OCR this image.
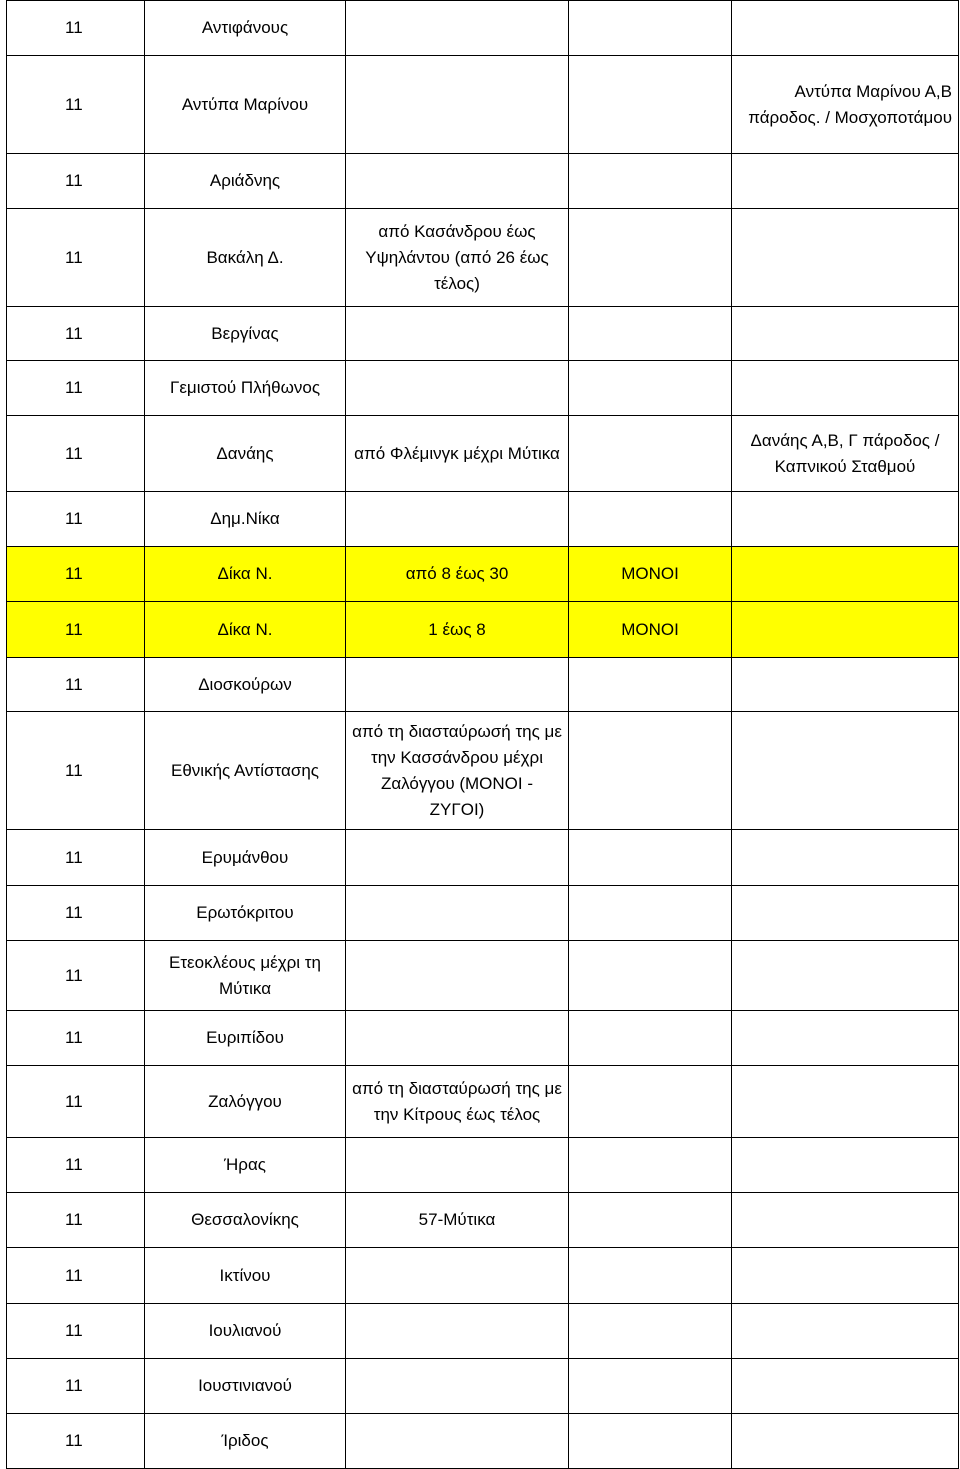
11	Αντιφάνους			
11	Αντύπα Μαρίνου			Αντύπα Μαρίνου Α,Β πάροδος. / Μοσχοποτάμου
11	Αριάδνης			
11	Βακάλη Δ.	από Κασάνδρου έως Υψηλάντου (από 26 έως τέλος)		
11	Βεργίνας			
11	Γεμιστού Πλήθωνος			
11	Δανάης	από Φλέμινγκ μέχρι Μύτικα		Δανάης Α,Β, Γ πάροδος / Καπνικού Σταθμού
11	Δημ.Νίκα			
11	Δίκα Ν.	από 8 έως 30	ΜΟΝΟΙ	
11	Δίκα Ν.	1 έως 8	ΜΟΝΟΙ	
11	Διοσκούρων			
11	Εθνικής Αντίστασης	από τη διασταύρωσή της με την Κασσάνδρου μέχρι Ζαλόγγου (ΜΟΝΟΙ - ΖΥΓΟΙ)		
11	Ερυμάνθου			
11	Ερωτόκριτου			
11	Ετεοκλέους μέχρι τη Μύτικα			
11	Ευριπίδου			
11	Ζαλόγγου	από τη διασταύρωσή της με την Κίτρους έως τέλος		
11	Ήρας			
11	Θεσσαλονίκης	57-Μύτικα		
11	Ικτίνου			
11	Ιουλιανού			
11	Ιουστινιανού			
11	Ίριδος			
